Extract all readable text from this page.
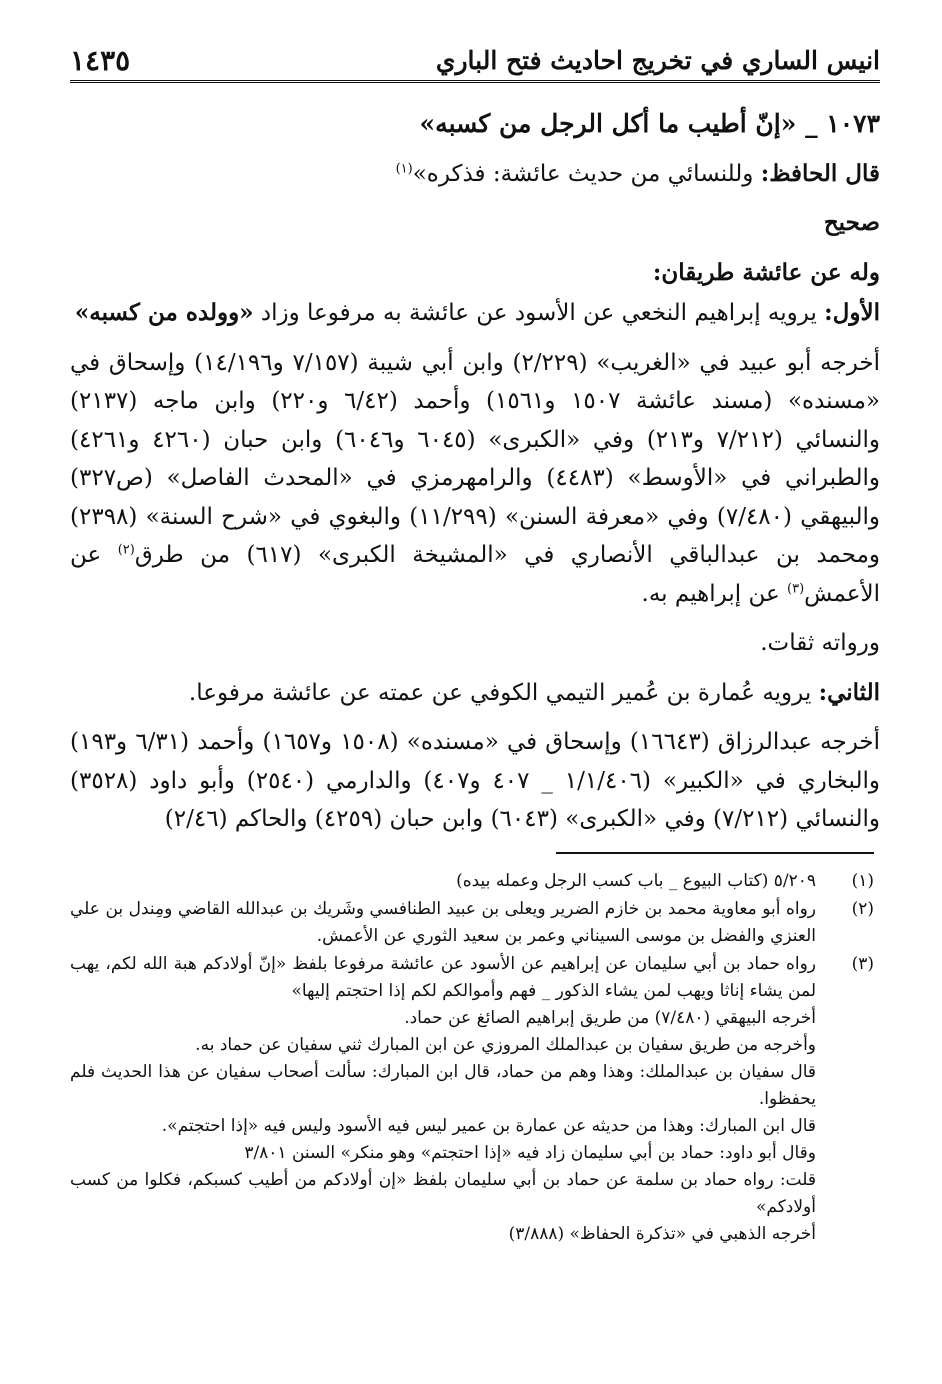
انيس الساري في تخريج احاديث فتح الباري
١٤٣٥

١٠٧٣ _ «إنّ أطيب ما أكل الرجل من كسبه»

قال الحافظ: وللنسائي من حديث عائشة: فذكره»$^{(١)}$

صحيح

وله عن عائشة طريقان:

الأول: يرويه إبراهيم النخعي عن الأسود عن عائشة به مرفوعا وزاد «وولده من كسبه»

أخرجه أبو عبيد في «الغريب» (٢/٢٢٩) وابن أبي شيبة (٧/١٥٧ و١٤/١٩٦) وإسحاق في «مسنده» (مسند عائشة ١٥٠٧ و١٥٦١) وأحمد (٦/٤٢ و٢٢٠) وابن ماجه (٢١٣٧) والنسائي (٧/٢١٢ و٢١٣) وفي «الكبرى» (٦٠٤٥ و٦٠٤٦) وابن حبان (٤٢٦٠ و٤٢٦١) والطبراني في «الأوسط» (٤٤٨٣) والرامهرمزي في «المحدث الفاصل» (ص٣٢٧) والبيهقي (٧/٤٨٠) وفي «معرفة السنن» (١١/٢٩٩) والبغوي في «شرح السنة» (٢٣٩٨) ومحمد بن عبدالباقي الأنصاري في «المشيخة الكبرى» (٦١٧) من طرق$^{(٢)}$ عن الأعمش$^{(٣)}$ عن إبراهيم به.

ورواته ثقات.

الثاني: يرويه عُمارة بن عُمير التيمي الكوفي عن عمته عن عائشة مرفوعا.

أخرجه عبدالرزاق (١٦٦٤٣) وإسحاق في «مسنده» (١٥٠٨ و١٦٥٧) وأحمد (٦/٣١ و١٩٣) والبخاري في «الكبير» (١/١/٤٠٦ _ ٤٠٧ و٤٠٧) والدارمي (٢٥٤٠) وأبو داود (٣٥٢٨) والنسائي (٧/٢١٢) وفي «الكبرى» (٦٠٤٣) وابن حبان (٤٢٥٩) والحاكم (٢/٤٦)

(١)
٥/٢٠٩ (كتاب البيوع _ باب كسب الرجل وعمله بيده)
(٢)
رواه أبو معاوية محمد بن خازم الضرير ويعلى بن عبيد الطنافسي وشَريك بن عبدالله القاضي ومِندل بن علي العنزي والفضل بن موسى السيناني وعمر بن سعيد الثوري عن الأعمش.
(٣)
رواه حماد بن أبي سليمان عن إبراهيم عن الأسود عن عائشة مرفوعا بلفظ «إنّ أولادكم هبة الله لكم، يهب لمن يشاء إناثا ويهب لمن يشاء الذكور _ فهم وأموالكم لكم إذا احتجتم إليها»
أخرجه البيهقي (٧/٤٨٠) من طريق إبراهيم الصائغ عن حماد.
وأخرجه من طريق سفيان بن عبدالملك المروزي عن ابن المبارك ثني سفيان عن حماد به.
قال سفيان بن عبدالملك: وهذا وهم من حماد، قال ابن المبارك: سألت أصحاب سفيان عن هذا الحديث فلم يحفظوا.
قال ابن المبارك: وهذا من حديثه عن عمارة بن عمير ليس فيه الأسود وليس فيه «إذا احتجتم».
وقال أبو داود: حماد بن أبي سليمان زاد فيه «إذا احتجتم» وهو منكر» السنن ٣/٨٠١
قلت: رواه حماد بن سلمة عن حماد بن أبي سليمان بلفظ «إن أولادكم من أطيب كسبكم، فكلوا من كسب أولادكم»
أخرجه الذهبي في «تذكرة الحفاظ» (٣/٨٨٨)
